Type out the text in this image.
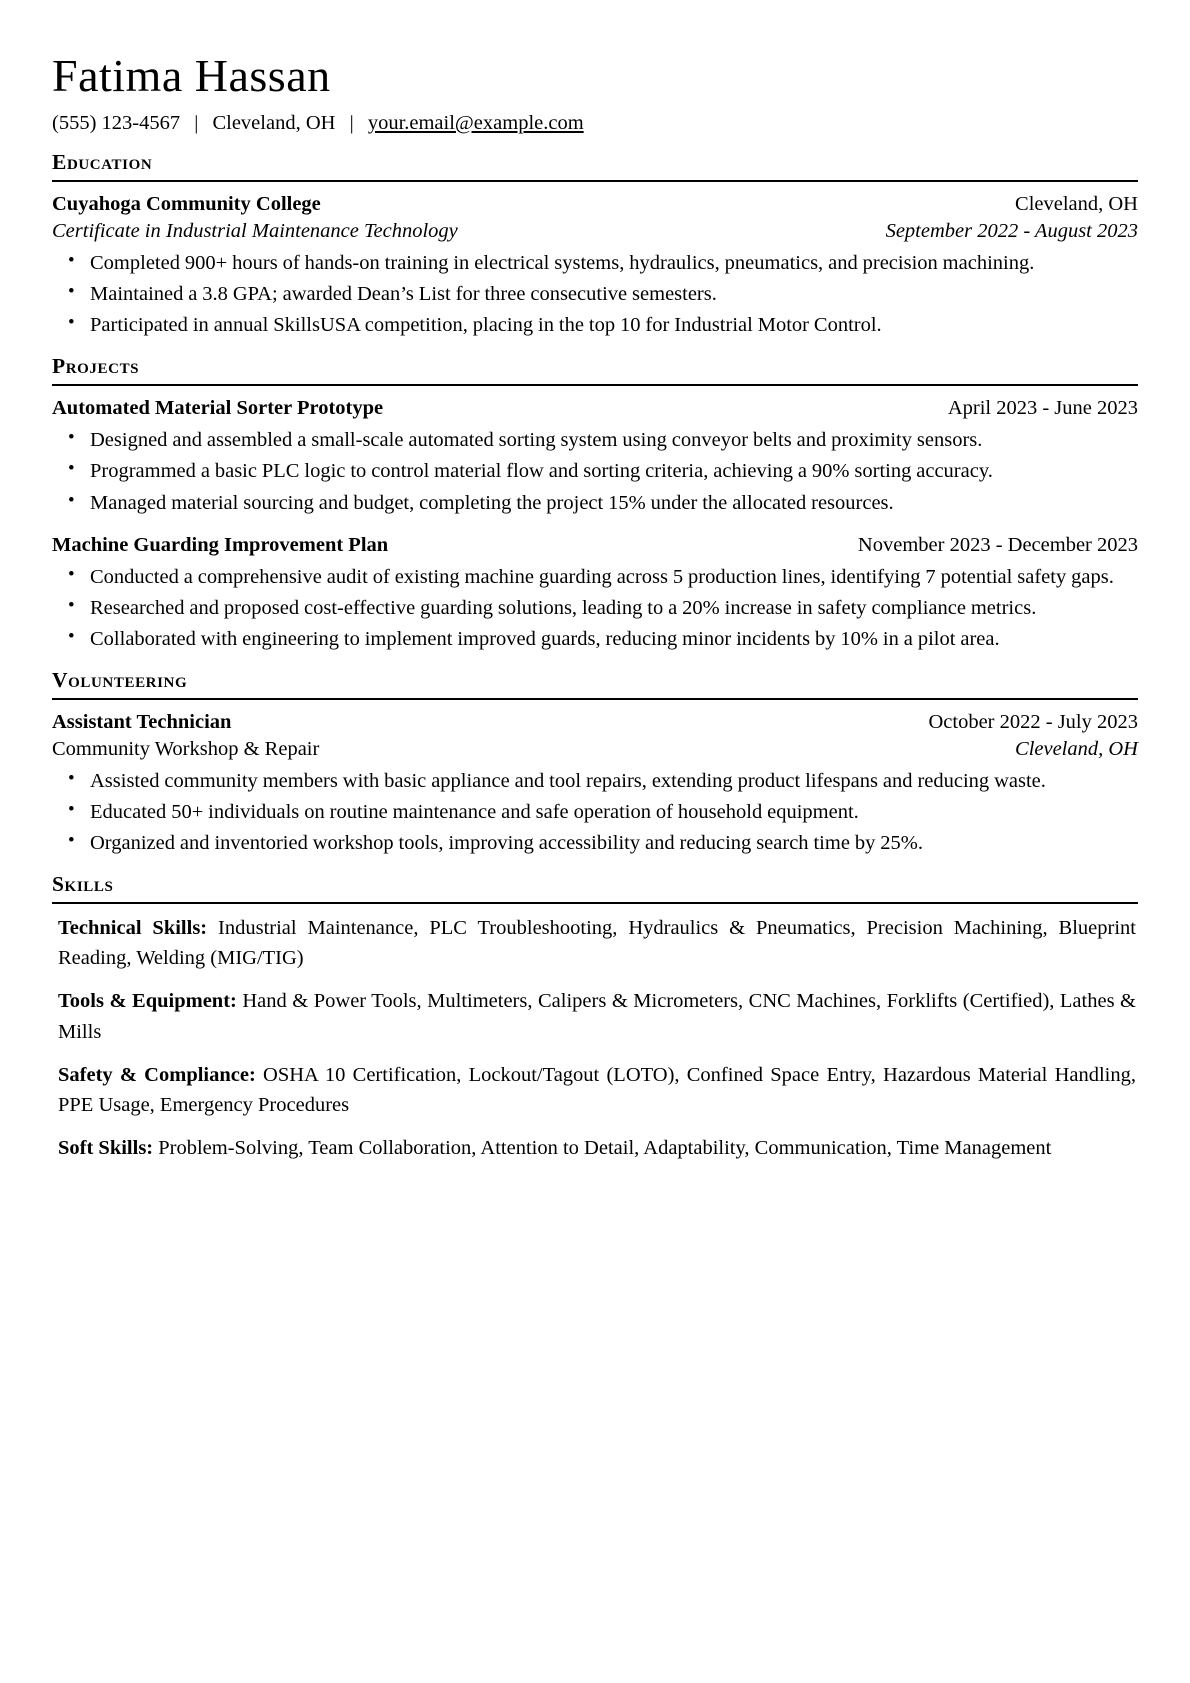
Fatima Hassan
(555) 123-4567 | Cleveland, OH | your.email@example.com
Education
Cuyahoga Community College	Cleveland, OH
Certificate in Industrial Maintenance Technology	September 2022 - August 2023
• Completed 900+ hours of hands-on training in electrical systems, hydraulics, pneumatics, and precision machining.
• Maintained a 3.8 GPA; awarded Dean’s List for three consecutive semesters.
• Participated in annual SkillsUSA competition, placing in the top 10 for Industrial Motor Control.
Projects
Automated Material Sorter Prototype	April 2023 - June 2023
• Designed and assembled a small-scale automated sorting system using conveyor belts and proximity sensors.
• Programmed a basic PLC logic to control material flow and sorting criteria, achieving a 90% sorting accuracy.
• Managed material sourcing and budget, completing the project 15% under the allocated resources.
Machine Guarding Improvement Plan	November 2023 - December 2023
• Conducted a comprehensive audit of existing machine guarding across 5 production lines, identifying 7 potential safety gaps.
• Researched and proposed cost-effective guarding solutions, leading to a 20% increase in safety compliance metrics.
• Collaborated with engineering to implement improved guards, reducing minor incidents by 10% in a pilot area.
Volunteering
Assistant Technician	October 2022 - July 2023
Community Workshop & Repair	Cleveland, OH
• Assisted community members with basic appliance and tool repairs, extending product lifespans and reducing waste.
• Educated 50+ individuals on routine maintenance and safe operation of household equipment.
• Organized and inventoried workshop tools, improving accessibility and reducing search time by 25%.
Skills
Technical Skills: Industrial Maintenance, PLC Troubleshooting, Hydraulics & Pneumatics, Precision Machining, Blueprint Reading, Welding (MIG/TIG)
Tools & Equipment: Hand & Power Tools, Multimeters, Calipers & Micrometers, CNC Machines, Forklifts (Certified), Lathes & Mills
Safety & Compliance: OSHA 10 Certification, Lockout/Tagout (LOTO), Confined Space Entry, Hazardous Material Handling, PPE Usage, Emergency Procedures
Soft Skills: Problem-Solving, Team Collaboration, Attention to Detail, Adaptability, Communication, Time Management
